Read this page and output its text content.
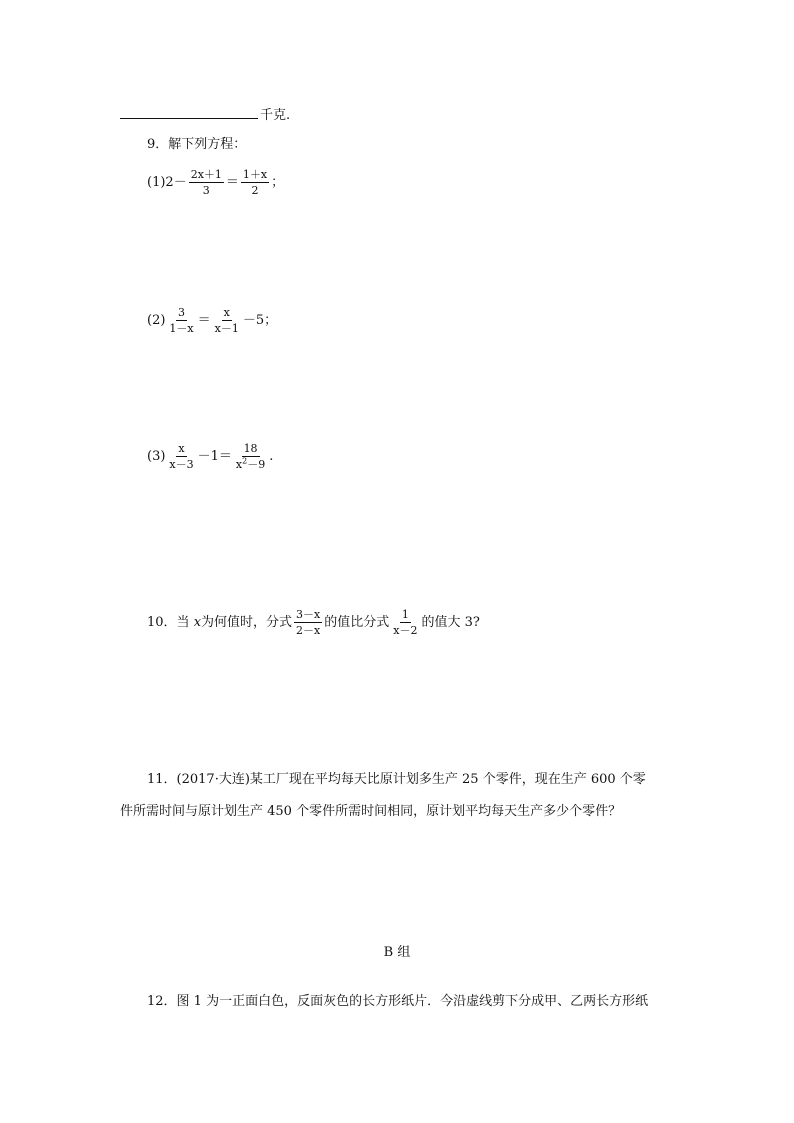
千克.
9．解下列方程：
$(1)2- \frac{2x+1}{3} = \frac{1+x}{2}$ ；
$(2) \frac{3}{1-x} = \frac{x}{x-1} -5$；
$(3) \frac{x}{x-3} -1= \frac{18}{x^2-9}$ .
10．当 x为何值时，分式 $\frac{3-x}{2-x}$ 的值比分式 $\frac{1}{x-2}$ 的值大 3?
11．(2017·大连)某工厂现在平均每天比原计划多生产 25 个零件，现在生产 600 个零
件所需时间与原计划生产 450 个零件所需时间相同，原计划平均每天生产多少个零件？
B 组
12．图 1 为一正面白色，反面灰色的长方形纸片．今沿虚线剪下分成甲、乙两长方形纸
